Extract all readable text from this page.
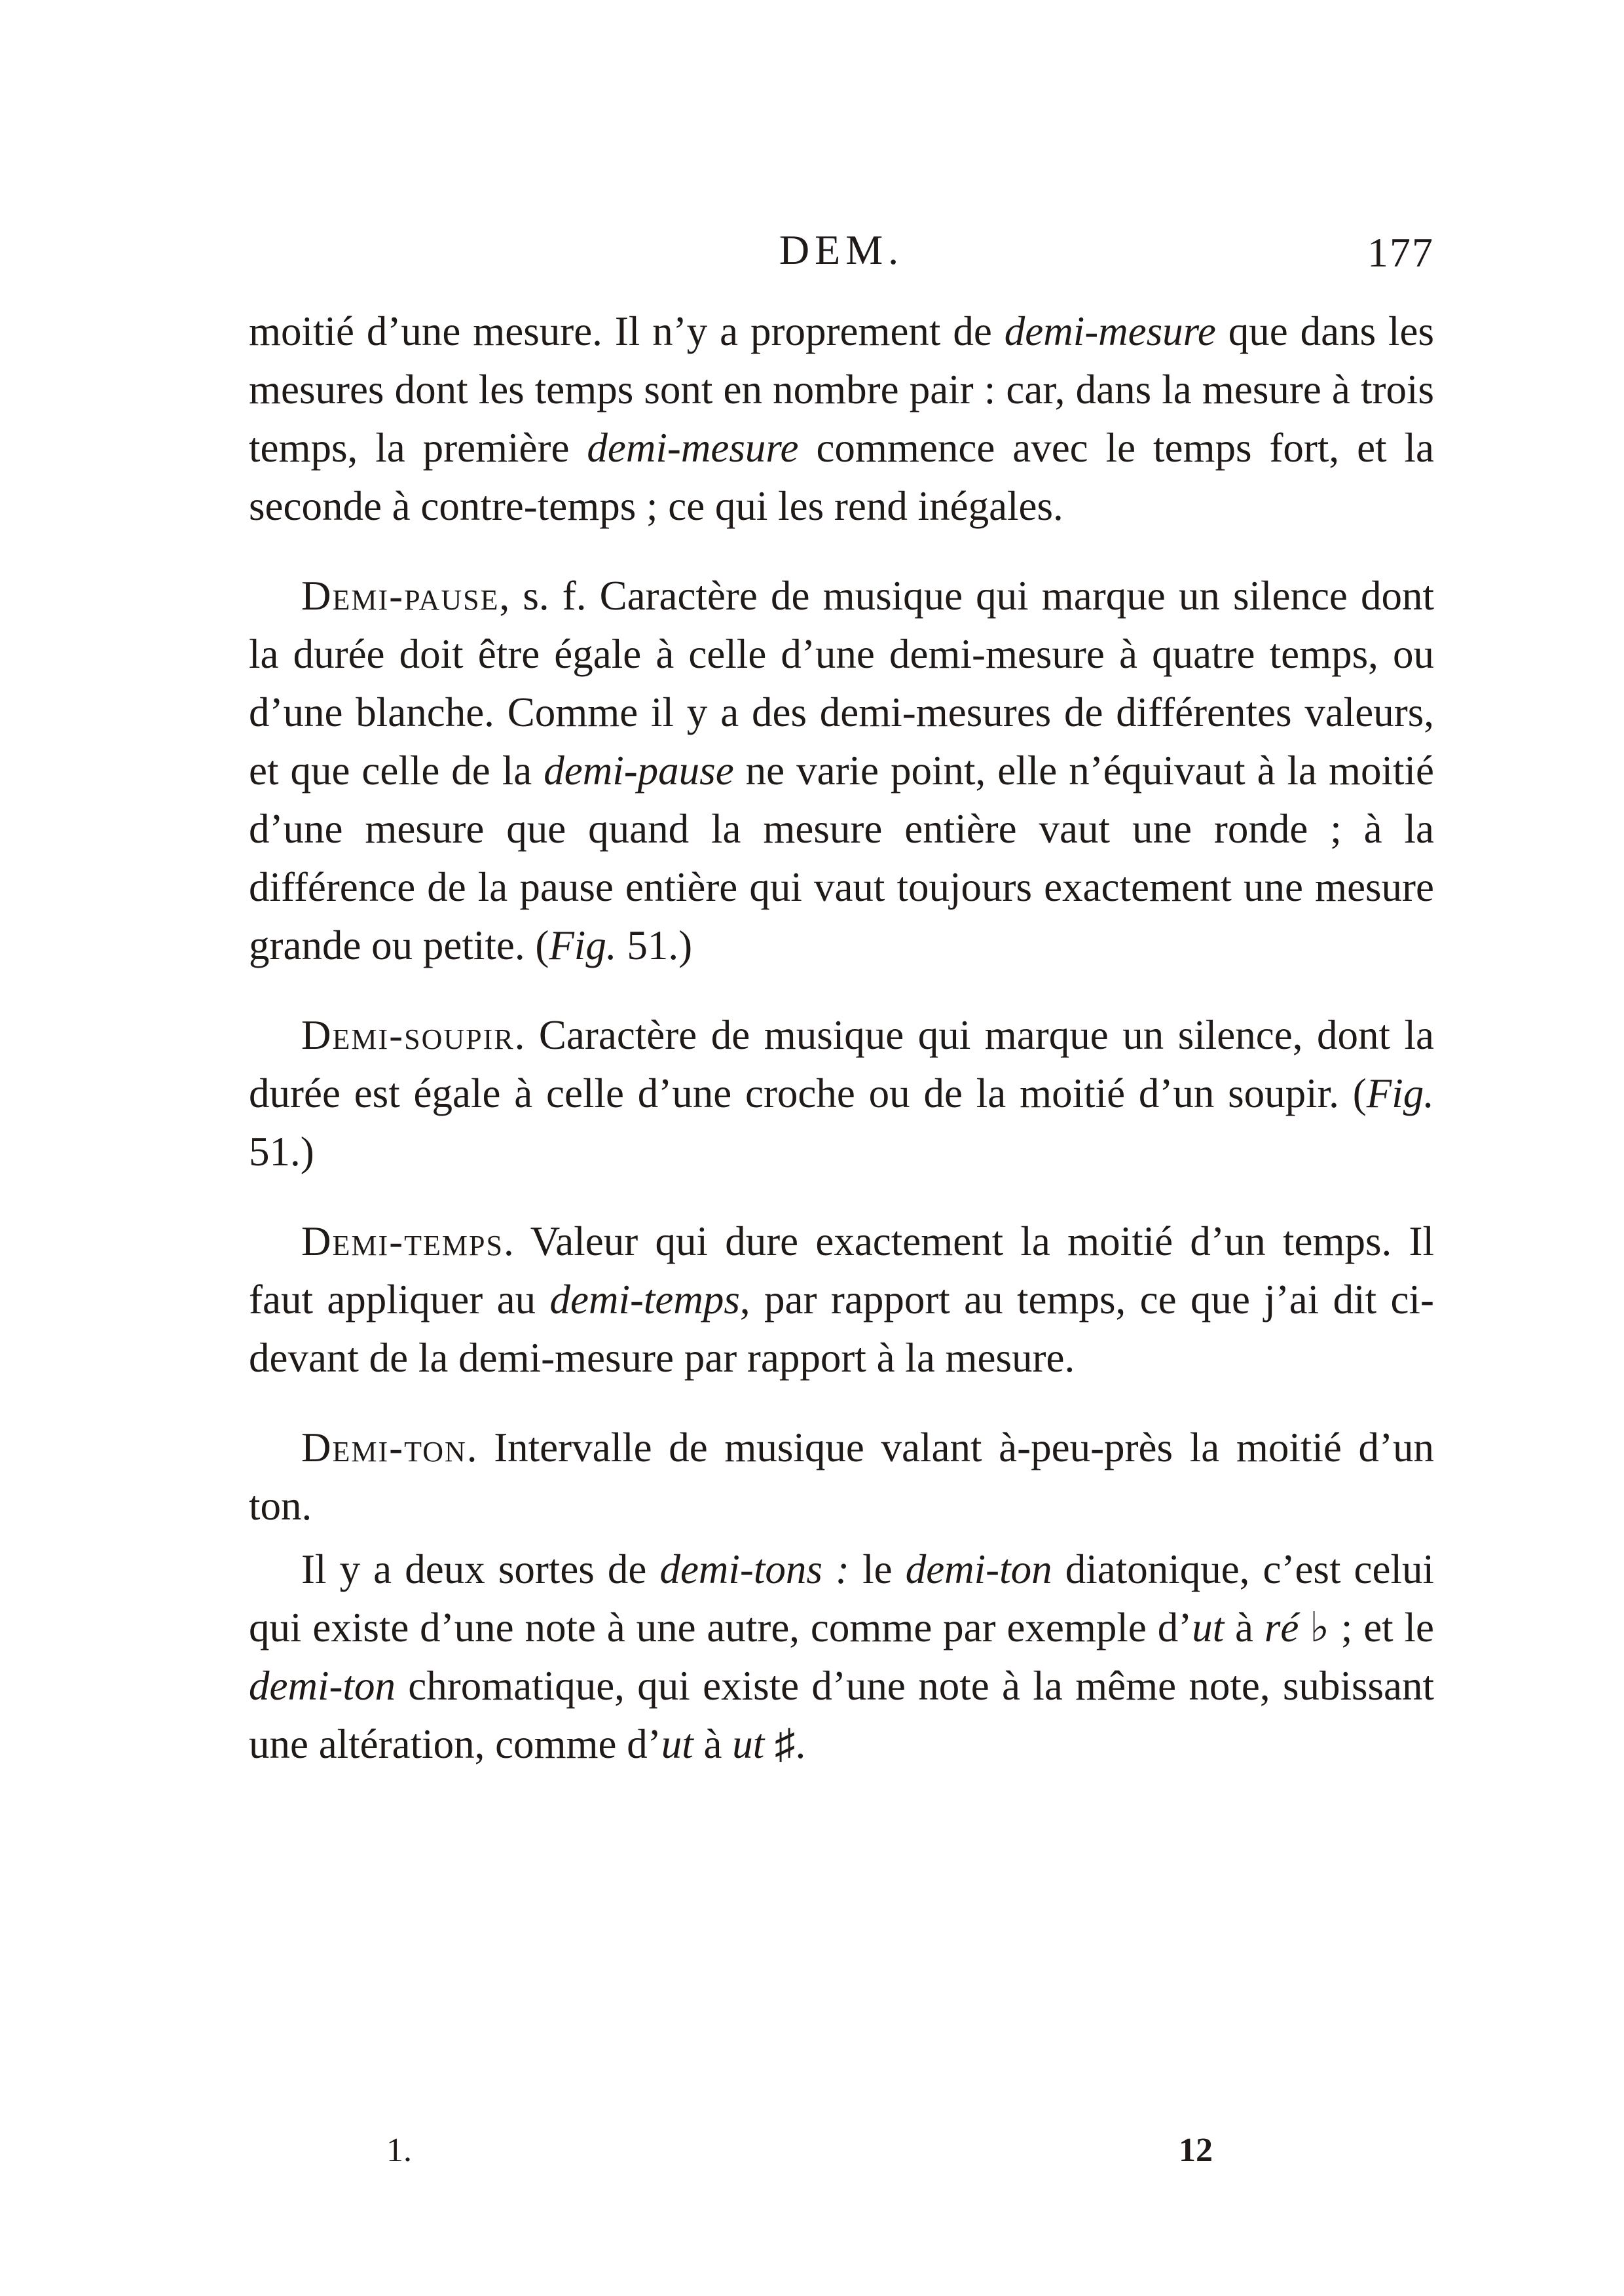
DEM.	177

moitié d’une mesure. Il n’y a proprement de demi-mesure que dans les mesures dont les temps sont en nombre pair : car, dans la mesure à trois temps, la première demi-mesure commence avec le temps fort, et la seconde à contre-temps ; ce qui les rend inégales.

Demi-pause, s. f. Caractère de musique qui marque un silence dont la durée doit être égale à celle d’une demi-mesure à quatre temps, ou d’une blanche. Comme il y a des demi-mesures de différentes valeurs, et que celle de la demi-pause ne varie point, elle n’équivaut à la moitié d’une mesure que quand la mesure entière vaut une ronde ; à la différence de la pause entière qui vaut toujours exactement une mesure grande ou petite. (Fig. 51.)

Demi-soupir. Caractère de musique qui marque un silence, dont la durée est égale à celle d’une croche ou de la moitié d’un soupir. (Fig. 51.)

Demi-temps. Valeur qui dure exactement la moitié d’un temps. Il faut appliquer au demi-temps, par rapport au temps, ce que j’ai dit ci-devant de la demi-mesure par rapport à la mesure.

Demi-ton. Intervalle de musique valant à-peu-près la moitié d’un ton.

Il y a deux sortes de demi-tons : le demi-ton diatonique, c’est celui qui existe d’une note à une autre, comme par exemple d’ut à ré ♭ ; et le demi-ton chromatique, qui existe d’une note à la même note, subissant une altération, comme d’ut à ut ♯.

1.	12
